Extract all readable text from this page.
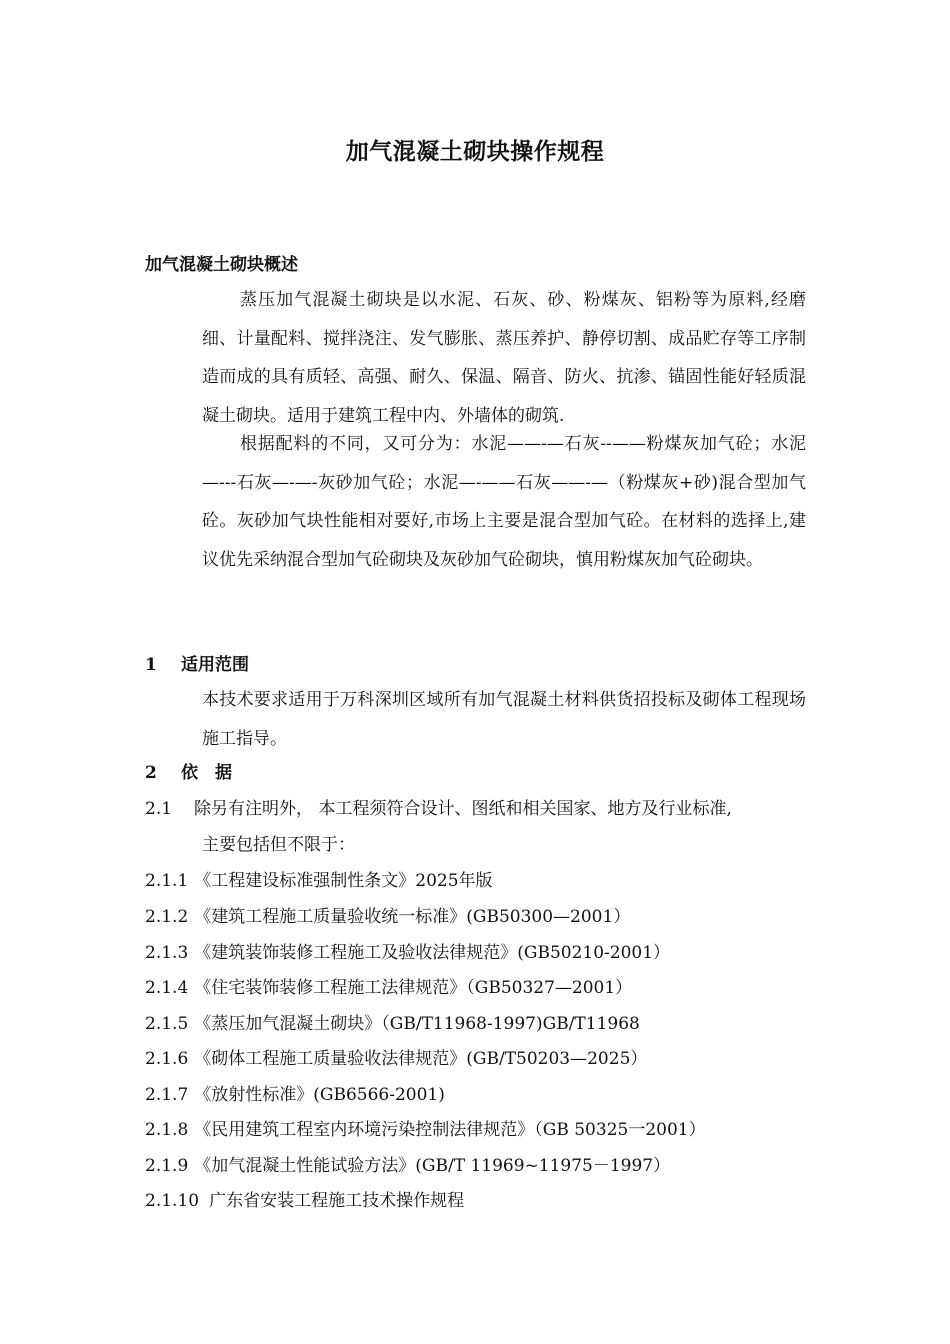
加气混凝土砌块操作规程
加气混凝土砌块概述
蒸压加气混凝土砌块是以水泥、石灰、砂、粉煤灰、铝粉等为原料,经磨细、计量配料、搅拌浇注、发气膨胀、蒸压养护、静停切割、成品贮存等工序制造而成的具有质轻、高强、耐久、保温、隔音、防火、抗渗、锚固性能好轻质混凝土砌块。适用于建筑工程中内、外墙体的砌筑.
根据配料的不同，又可分为：水泥——-—石灰--——粉煤灰加气砼；水泥—---石灰—-—-灰砂加气砼；水泥—-——石灰——-—（粉煤灰+砂)混合型加气砼。灰砂加气块性能相对要好,市场上主要是混合型加气砼。在材料的选择上,建议优先采纳混合型加气砼砌块及灰砂加气砼砌块，慎用粉煤灰加气砼砌块。
1 适用范围
本技术要求适用于万科深圳区域所有加气混凝土材料供货招投标及砌体工程现场施工指导。
2 依　据
2.1 除另有注明外， 本工程须符合设计、图纸和相关国家、地方及行业标准,
主要包括但不限于：
2.1.1 《工程建设标准强制性条文》2025年版
2.1.2 《建筑工程施工质量验收统一标准》(GB50300—2001）
2.1.3 《建筑装饰装修工程施工及验收法律规范》(GB50210-2001）
2.1.4 《住宅装饰装修工程施工法律规范》（GB50327—2001）
2.1.5 《蒸压加气混凝土砌块》（GB/T11968-1997)GB/T11968
2.1.6 《砌体工程施工质量验收法律规范》(GB/T50203—2025）
2.1.7 《放射性标准》(GB6566-2001)
2.1.8 《民用建筑工程室内环境污染控制法律规范》（GB 50325一2001）
2.1.9 《加气混凝土性能试验方法》(GB/T 11969~11975－1997）
2.1.10 广东省安装工程施工技术操作规程
